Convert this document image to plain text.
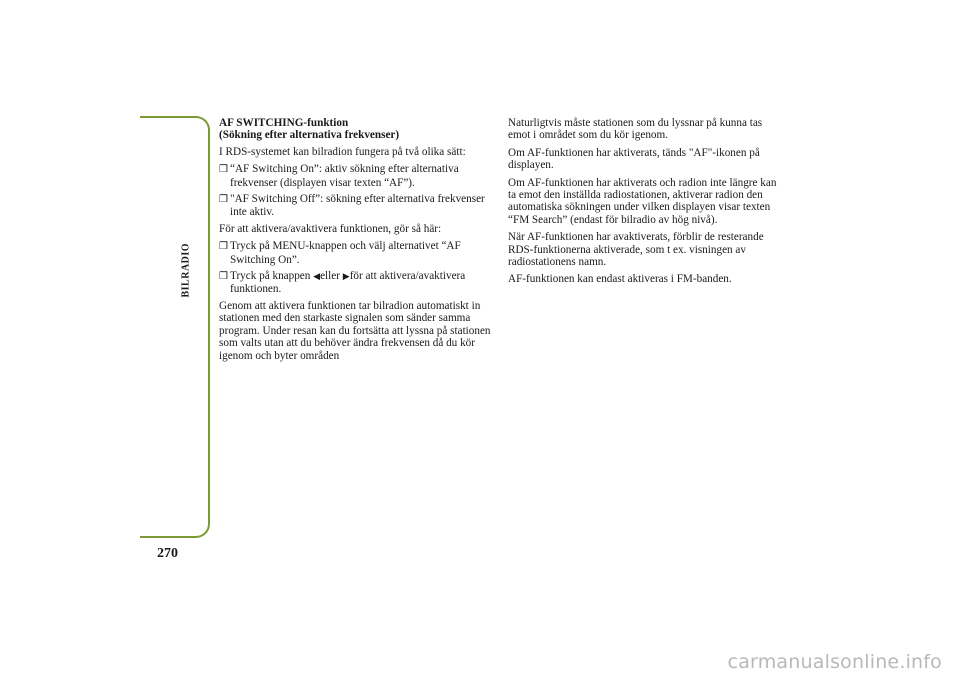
BILRADIO
270
AF SWITCHING-funktion
(Sökning efter alternativa frekvenser)

I RDS-systemet kan bilradion fungera på två olika sätt:

❒ “AF Switching On”: aktiv sökning efter alternativa frekvenser (displayen visar texten “AF”).

❒ "AF Switching Off”: sökning efter alternativa frekvenser inte aktiv.

För att aktivera/avaktivera funktionen, gör så här:

❒ Tryck på MENU-knappen och välj alternativet “AF Switching On”.

❒ Tryck på knappen ◀eller ▶för att aktivera/avaktivera funktionen.

Genom att aktivera funktionen tar bilradion automatiskt in stationen med den starkaste signalen som sänder samma program. Under resan kan du fortsätta att lyssna på stationen som valts utan att du behöver ändra frekvensen då du kör igenom och byter områden

Naturligtvis måste stationen som du lyssnar på kunna tas emot i området som du kör igenom.

Om AF-funktionen har aktiverats, tänds "AF"-ikonen på displayen.

Om AF-funktionen har aktiverats och radion inte längre kan ta emot den inställda radiostationen, aktiverar radion den automatiska sökningen under vilken displayen visar texten “FM Search” (endast för bilradio av hög nivå).

När AF-funktionen har avaktiverats, förblir de resterande RDS-funktionerna aktiverade, som t ex. visningen av radiostationens namn.

AF-funktionen kan endast aktiveras i FM-banden.

carmanualsonline.info
